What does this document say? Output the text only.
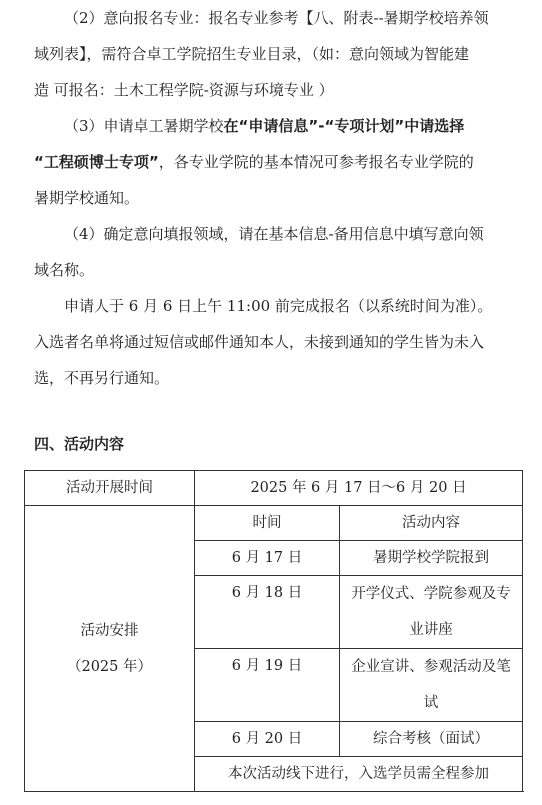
（2）意向报名专业：报名专业参考【八、附表--暑期学校培养领
域列表】，需符合卓工学院招生专业目录，（如：意向领域为智能建
造 可报名：土木工程学院-资源与环境专业 ）
（3）申请卓工暑期学校在“申请信息”-“专项计划”中请选择
“工程硕博士专项”，各专业学院的基本情况可参考报名专业学院的
暑期学校通知。
（4）确定意向填报领域，请在基本信息-备用信息中填写意向领
域名称。
申请人于 6 月 6 日上午 11:00 前完成报名（以系统时间为准）。
入选者名单将通过短信或邮件通知本人，未接到通知的学生皆为未入
选，不再另行通知。
四、活动内容
活动开展时间	2025 年 6 月 17 日～6 月 20 日	

活动安排
（2025 年）	时间	活动内容
	6 月 17 日	暑期学校学院报到
	6 月 18 日	开学仪式、学院参观及专业讲座
	6 月 19 日	企业宣讲、参观活动及笔试
	6 月 20 日	综合考核（面试）
	本次活动线下进行，入选学员需全程参加	
